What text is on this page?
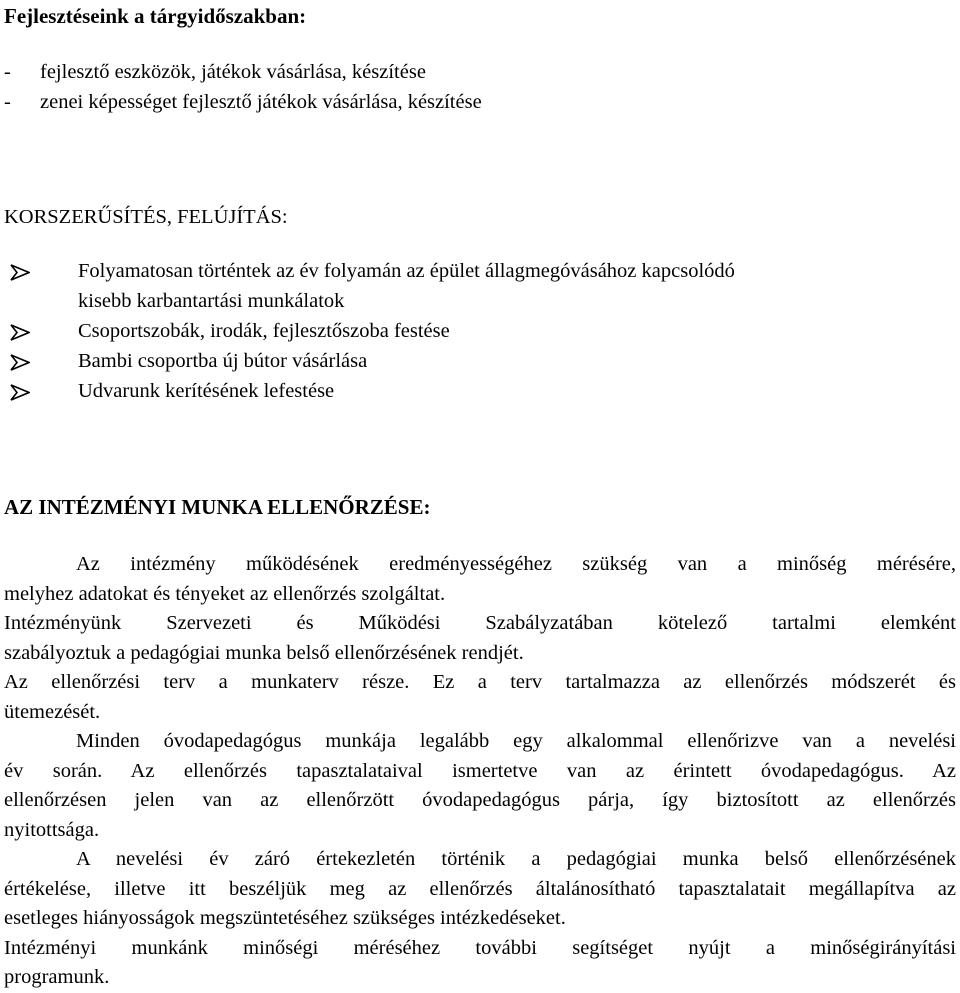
Fejlesztéseink a tárgyidőszakban:
- fejlesztő eszközök, játékok vásárlása, készítése
- zenei képességet fejlesztő játékok vásárlása, készítése
KORSZERŰSÍTÉS, FELÚJÍTÁS:
Folyamatosan történtek az év folyamán az épület állagmegóvásához kapcsolódó
kisebb karbantartási munkálatok
Csoportszobák, irodák, fejlesztőszoba festése
Bambi csoportba új bútor vásárlása
Udvarunk kerítésének lefestése
AZ INTÉZMÉNYI MUNKA ELLENŐRZÉSE:
Az intézmény működésének eredményességéhez szükség van a minőség mérésére,
melyhez adatokat és tényeket az ellenőrzés szolgáltat.
Intézményünk Szervezeti és Működési Szabályzatában kötelező tartalmi elemként
szabályoztuk a pedagógiai munka belső ellenőrzésének rendjét.
Az ellenőrzési terv a munkaterv része. Ez a terv tartalmazza az ellenőrzés módszerét és
ütemezését.
Minden óvodapedagógus munkája legalább egy alkalommal ellenőrizve van a nevelési
év során. Az ellenőrzés tapasztalataival ismertetve van az érintett óvodapedagógus. Az
ellenőrzésen jelen van az ellenőrzött óvodapedagógus párja, így biztosított az ellenőrzés
nyitottsága.
A nevelési év záró értekezletén történik a pedagógiai munka belső ellenőrzésének
értékelése, illetve itt beszéljük meg az ellenőrzés általánosítható tapasztalatait megállapítva az
esetleges hiányosságok megszüntetéséhez szükséges intézkedéseket.
Intézményi munkánk minőségi méréséhez további segítséget nyújt a minőségirányítási
programunk.
